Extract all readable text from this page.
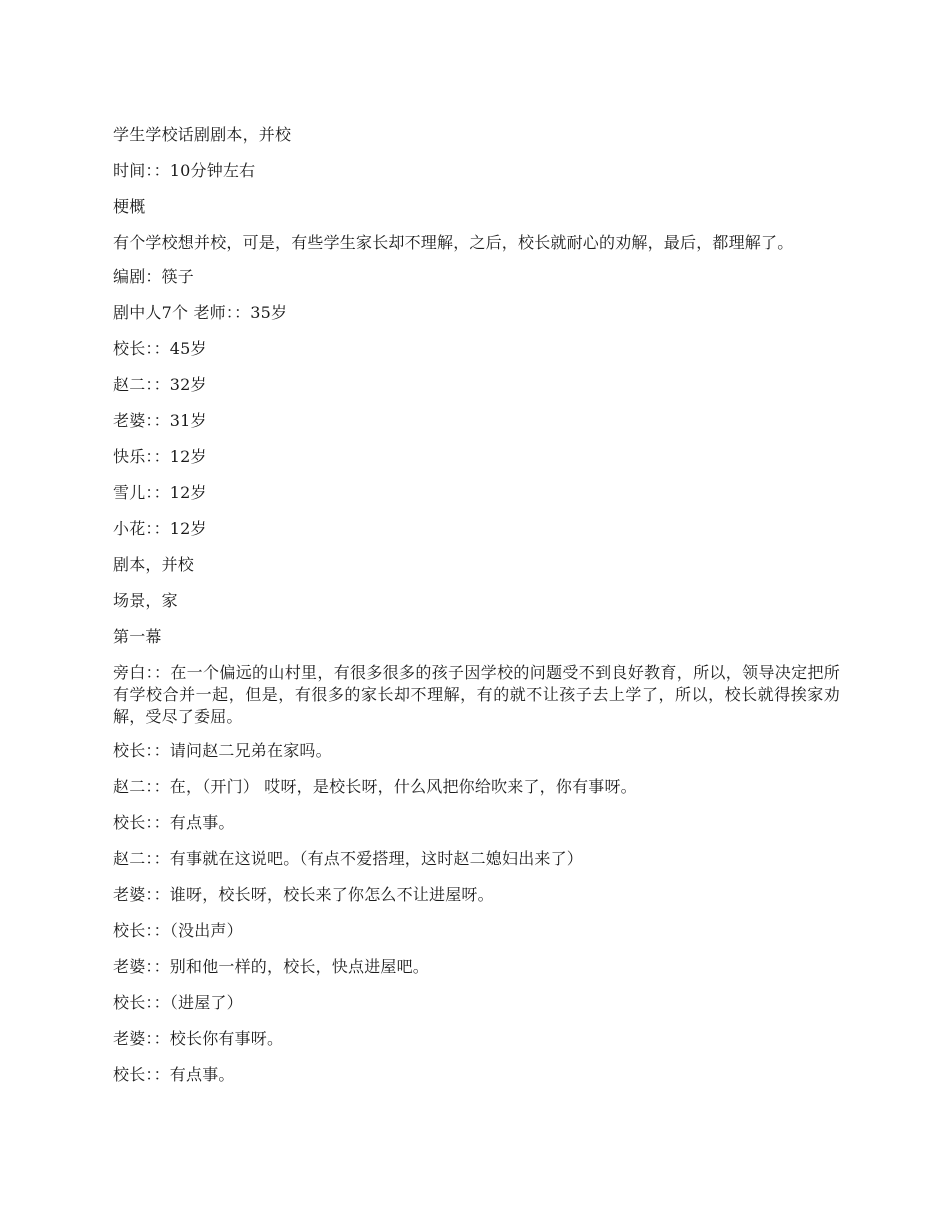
学生学校话剧剧本，并校

时间：：10分钟左右

梗概

有个学校想并校，可是，有些学生家长却不理解，之后，校长就耐心的劝解，最后，都理解了。

编剧：筷子

剧中人7个 老师：：35岁

校长：：45岁

赵二：：32岁

老婆：：31岁

快乐：：12岁

雪儿：：12岁

小花：：12岁

剧本，并校

场景，家

第一幕

旁白：：在一个偏远的山村里，有很多很多的孩子因学校的问题受不到良好教育，所以，领导决定把所有学校合并一起，但是，有很多的家长却不理解，有的就不让孩子去上学了，所以，校长就得挨家劝解，受尽了委屈。

校长：：请问赵二兄弟在家吗。

赵二：：在，（开门） 哎呀，是校长呀，什么风把你给吹来了，你有事呀。

校长：：有点事。

赵二：：有事就在这说吧。（有点不爱搭理，这时赵二媳妇出来了）

老婆：：谁呀，校长呀，校长来了你怎么不让进屋呀。

校长：：（没出声）

老婆：：别和他一样的，校长，快点进屋吧。

校长：：（进屋了）

老婆：：校长你有事呀。

校长：：有点事。
